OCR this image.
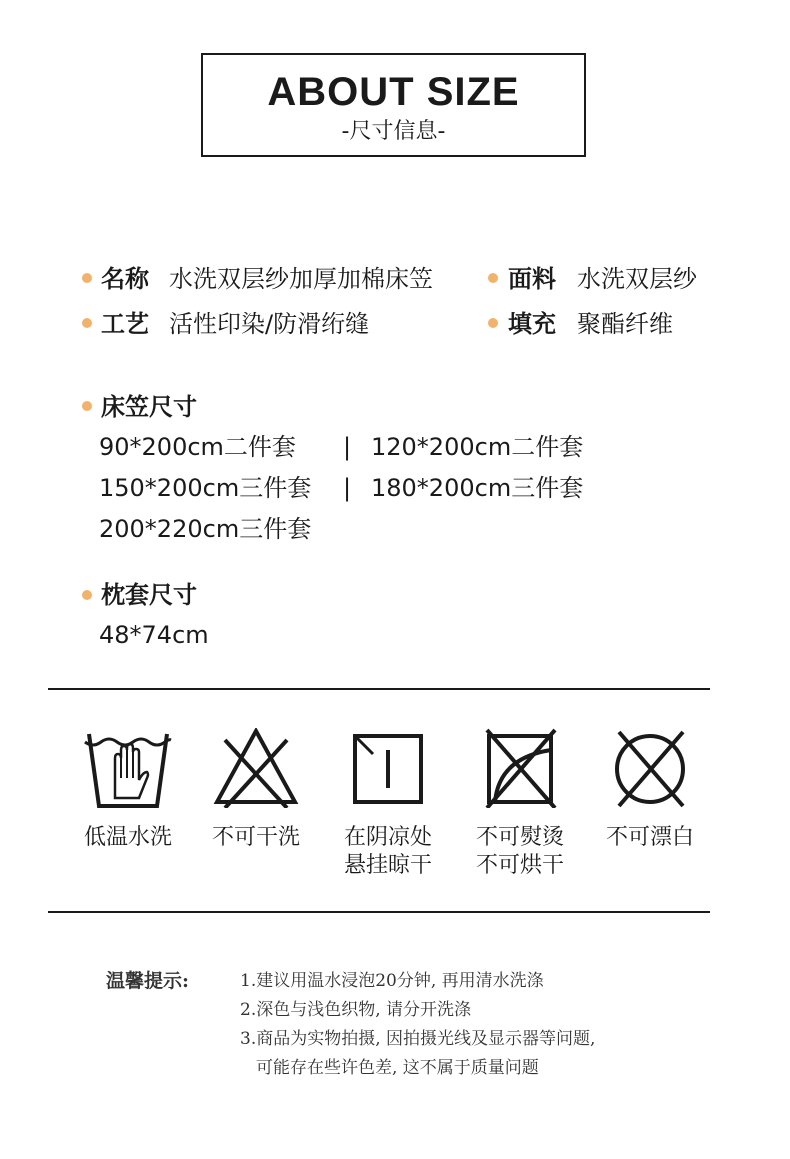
ABOUT SIZE
-尺寸信息-
名称 水洗双层纱加厚加棉床笠	面料 水洗双层纱
工艺 活性印染/防滑绗缝	填充 聚酯纤维
床笠尺寸
90*200cm二件套 | 120*200cm二件套
150*200cm三件套 | 180*200cm三件套
200*220cm三件套
枕套尺寸
48*74cm
低温水洗	不可干洗	在阴凉处
悬挂晾干
不可熨烫
不可烘干
不可漂白
温馨提示:	1.建议用温水浸泡20分钟, 再用清水洗涤
2.深色与浅色织物, 请分开洗涤
3.商品为实物拍摄, 因拍摄光线及显示器等问题,
可能存在些许色差, 这不属于质量问题
